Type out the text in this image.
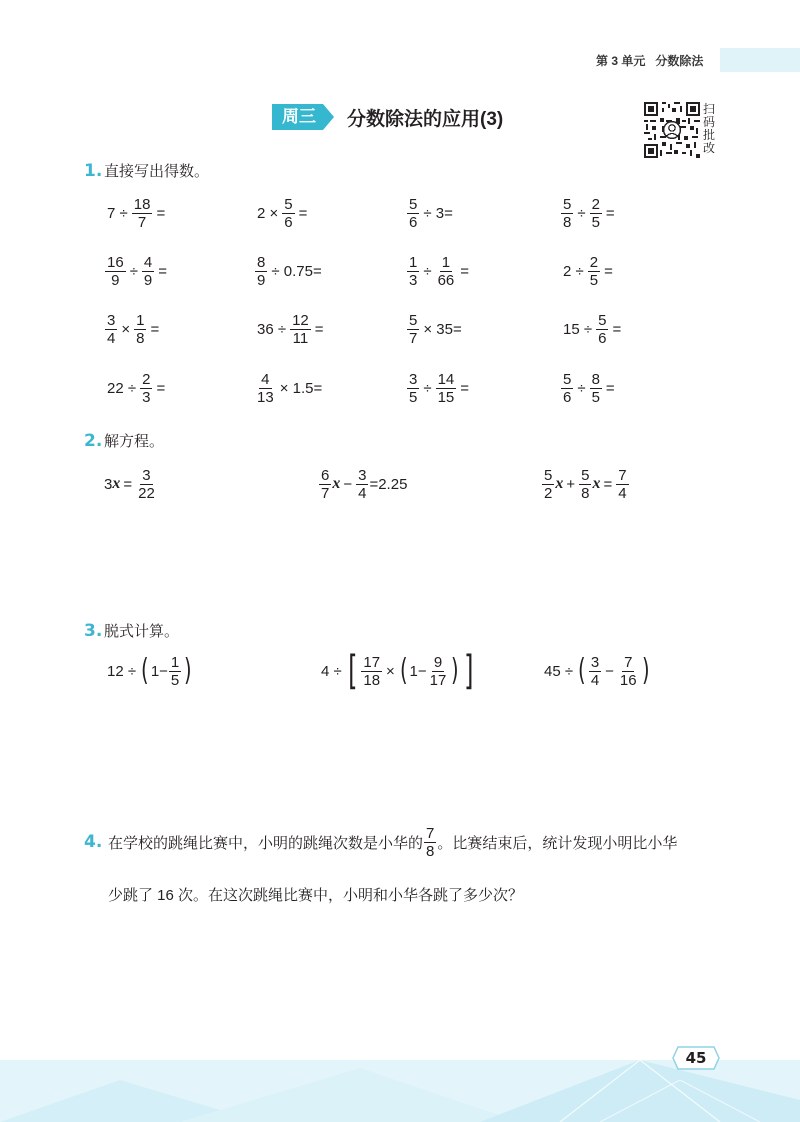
第 3 单元 分数除法
周三	分数除法的应用(3)	扫码批改
1. 直接写出得数。
$7 \div \frac{18}{7}$ =	$2 \times \frac{5}{6}$ =	$\frac{5}{6} \div 3=$	$\frac{5}{8} \div \frac{2}{5}$ =
$\frac{16}{9} \div \frac{4}{9}$ =	$\frac{8}{9} \div 0.75=$	$\frac{1}{3} \div \frac{1}{66}$ =	$2 \div \frac{2}{5}$ =
$\frac{3}{4} \times \frac{1}{8}$ =	$36 \div \frac{12}{11}$ =	$\frac{5}{7} \times 35=$	$15 \div \frac{5}{6}$ =
$22 \div \frac{2}{3}$ =	$\frac{4}{13} \times 1.5=$	$\frac{3}{5} \div \frac{14}{15}$ =	$\frac{5}{6} \div \frac{8}{5}$ =
2. 解方程。
3 $x = \frac{3}{22}$	$\frac{6}{7}$ $x - \frac{3}{4} =2.25$	$\frac{5}{2}$ $x + \frac{5}{8}$ $x = \frac{7}{4}$
3. 脱式计算。
12 ÷ ( $1- \frac{1}{5}$ )	4 ÷ [ $\frac{17}{18}$ × ( $1- \frac{9}{17}$ ) ]	45 ÷ ( $\frac{3}{4} - \frac{7}{16}$ )
4. 在学校的跳绳比赛中，小明的跳绳次数是小华的 $\frac{7}{8}$ 。比赛结束后，统计发现小明比小华
少跳了 16 次。在这次跳绳比赛中，小明和小华各跳了多少次？
45
